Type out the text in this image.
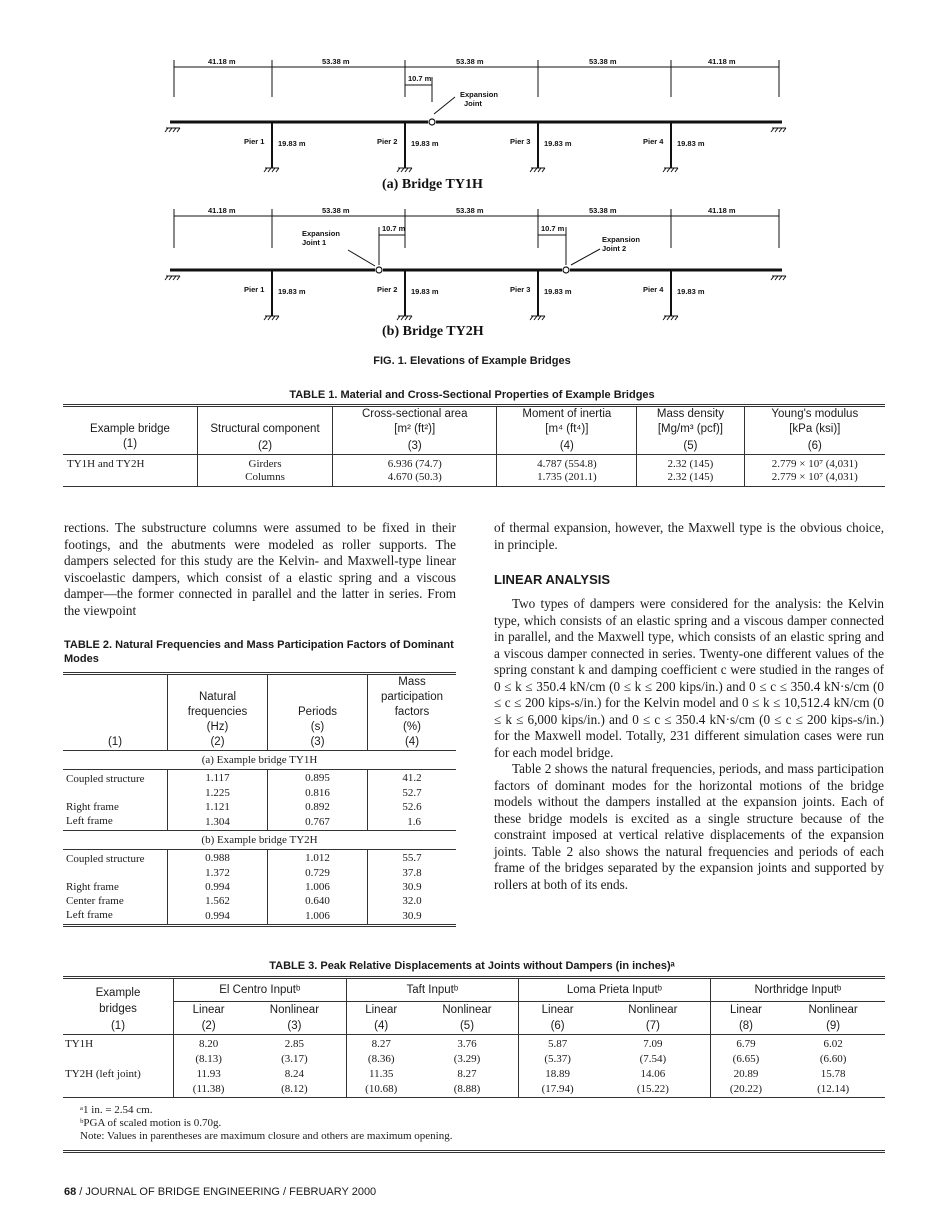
41.18 m	53.38 m	53.38 m	53.38 m	41.18 m
10.7 m
Expansion
Joint
Pier 1	Pier 2	Pier 3	Pier 4
19.83 m	19.83 m	19.83 m	19.83 m
(a) Bridge TY1H
41.18 m	53.38 m	53.38 m	53.38 m	41.18 m
10.7 m	10.7 m
Expansion
Joint 1	Expansion
Joint 2
Pier 1	Pier 2	Pier 3	Pier 4
19.83 m	19.83 m	19.83 m	19.83 m
(b) Bridge TY2H
FIG. 1. Elevations of Example Bridges
TABLE 1. Material and Cross-Sectional Properties of Example Bridges
		Cross-sectional area	Moment of inertia	Mass density	Young's modulus
Example bridge	Structural component	[m² (ft²)]	[m⁴ (ft⁴)]	[Mg/m³ (pcf)]	[kPa (ksi)]
(1)	(2)	(3)	(4)	(5)	(6)
TY1H and TY2H	Girders	6.936 (74.7)	4.787 (554.8)	2.32 (145)	2.779 × 10⁷ (4,031)
	Columns	4.670 (50.3)	1.735 (201.1)	2.32 (145)	2.779 × 10⁷ (4,031)

rections. The substructure columns were assumed to be fixed in their footings, and the abutments were modeled as roller supports. The dampers selected for this study are the Kelvin- and Maxwell-type linear viscoelastic dampers, which consist of a elastic spring and a viscous damper—the former connected in parallel and the latter in series. From the viewpoint

TABLE 2. Natural Frequencies and Mass Participation Factors of Dominant Modes
			Mass
	Natural		participation
	frequencies	Periods	factors
	(Hz)	(s)	(%)
(1)	(2)	(3)	(4)
(a) Example bridge TY1H			
Coupled structure	1.117	0.895	41.2
	1.225	0.816	52.7
Right frame	1.121	0.892	52.6
Left frame	1.304	0.767	1.6
(b) Example bridge TY2H			
Coupled structure	0.988	1.012	55.7
	1.372	0.729	37.8
Right frame	0.994	1.006	30.9
Center frame	1.562	0.640	32.0
Left frame	0.994	1.006	30.9

of thermal expansion, however, the Maxwell type is the obvious choice, in principle.

LINEAR ANALYSIS

Two types of dampers were considered for the analysis: the Kelvin type, which consists of an elastic spring and a viscous damper connected in parallel, and the Maxwell type, which consists of an elastic spring and a viscous damper connected in series. Twenty-one different values of the spring constant k and damping coefficient c were studied in the ranges of 0 ≤ k ≤ 350.4 kN/cm (0 ≤ k ≤ 200 kips/in.) and 0 ≤ c ≤ 350.4 kN·s/cm (0 ≤ c ≤ 200 kips-s/in.) for the Kelvin model and 0 ≤ k ≤ 10,512.4 kN/cm (0 ≤ k ≤ 6,000 kips/in.) and 0 ≤ c ≤ 350.4 kN·s/cm (0 ≤ c ≤ 200 kips-s/in.) for the Maxwell model. Totally, 231 different simulation cases were run for each model bridge.

Table 2 shows the natural frequencies, periods, and mass participation factors of dominant modes for the horizontal motions of the bridge models without the dampers installed at the expansion joints. Each of these bridge models is excited as a single structure because of the constraint imposed at vertical relative displacements of the expansion joints. Table 2 also shows the natural frequencies and periods of each frame of the bridges separated by the expansion joints and supported by rollers at both of its ends.

TABLE 3. Peak Relative Displacements at Joints without Dampers (in inches)ᵃ
Example	El Centro Inputᵇ		Taft Inputᵇ		Loma Prieta Inputᵇ		Northridge Inputᵇ	
bridges	Linear	Nonlinear	Linear	Nonlinear	Linear	Nonlinear	Linear	Nonlinear
(1)	(2)	(3)	(4)	(5)	(6)	(7)	(8)	(9)
TY1H	8.20	2.85	8.27	3.76	5.87	7.09	6.79	6.02
	(8.13)	(3.17)	(8.36)	(3.29)	(5.37)	(7.54)	(6.65)	(6.60)
TY2H (left joint)	11.93	8.24	11.35	8.27	18.89	14.06	20.89	15.78
	(11.38)	(8.12)	(10.68)	(8.88)	(17.94)	(15.22)	(20.22)	(12.14)
ᵃ1 in. = 2.54 cm.
ᵇPGA of scaled motion is 0.70g.
Note: Values in parentheses are maximum closure and others are maximum opening.
68 / JOURNAL OF BRIDGE ENGINEERING / FEBRUARY 2000
